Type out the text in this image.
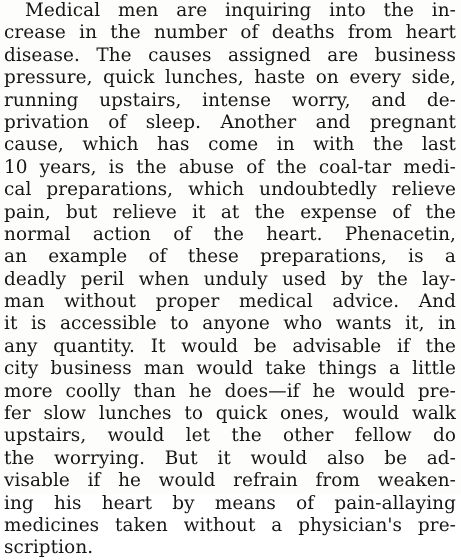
Medical men are inquiring into the in-
crease in the number of deaths from heart
disease. The causes assigned are business
pressure, quick lunches, haste on every side,
running upstairs, intense worry, and de-
privation of sleep. Another and pregnant
cause, which has come in with the last
10 years, is the abuse of the coal-tar medi-
cal preparations, which undoubtedly relieve
pain, but relieve it at the expense of the
normal action of the heart. Phenacetin,
an example of these preparations, is a
deadly peril when unduly used by the lay-
man without proper medical advice. And
it is accessible to anyone who wants it, in
any quantity. It would be advisable if the
city business man would take things a little
more coolly than he does—if he would pre-
fer slow lunches to quick ones, would walk
upstairs, would let the other fellow do
the worrying. But it would also be ad-
visable if he would refrain from weaken-
ing his heart by means of pain-allaying
medicines taken without a physician's pre-
scription.
